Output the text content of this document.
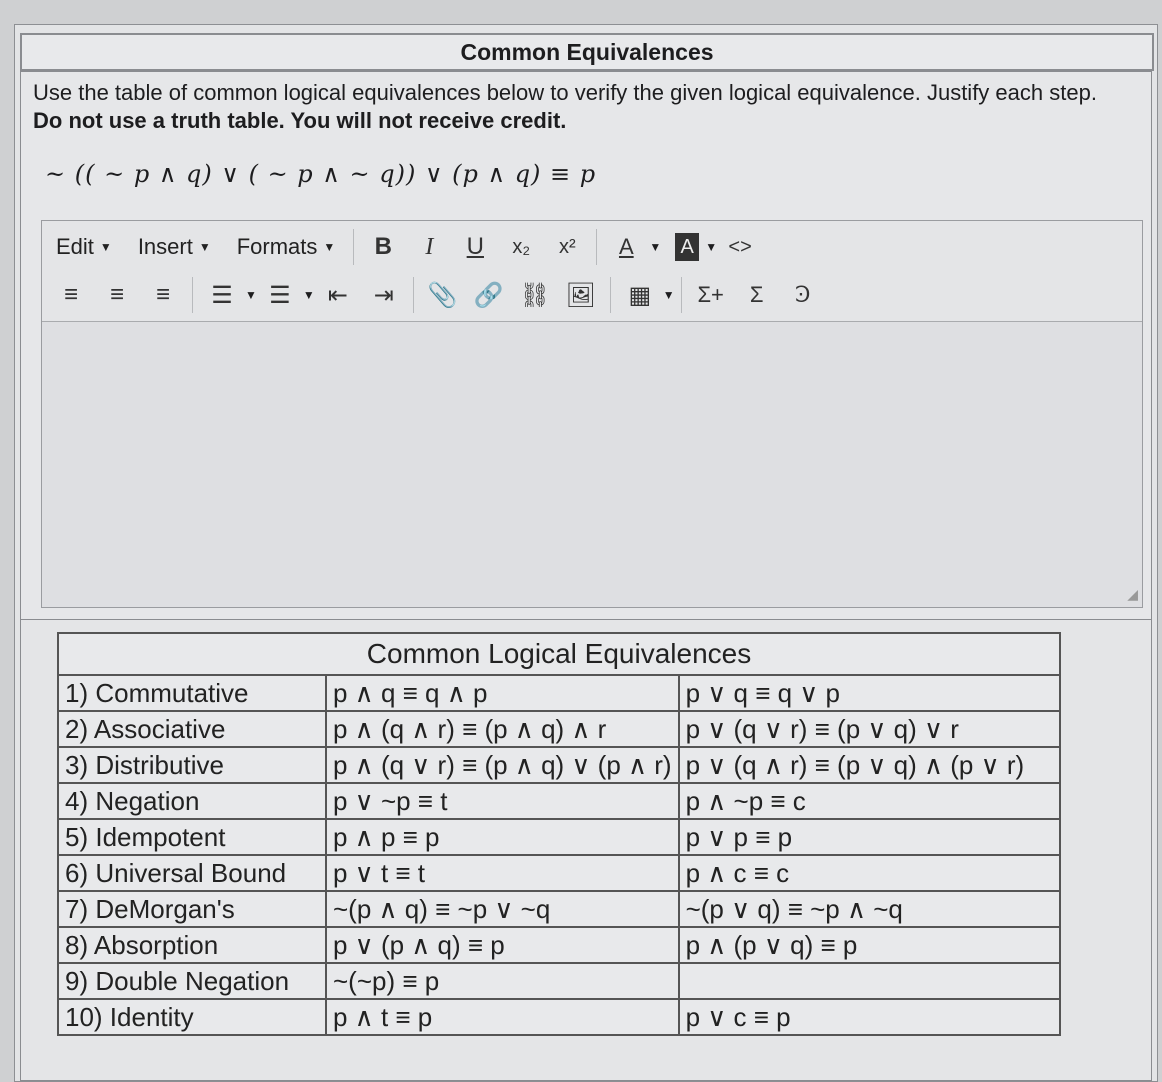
Common Equivalences
Use the table of common logical equivalences below to verify the given logical equivalence. Justify each step.
Do not use a truth table. You will not receive credit.
~ (( ~ p ∧ q) ∨ ( ~ p ∧ ~ q)) ∨ (p ∧ q) ≡ p
Edit ▼ Insert ▼ Formats ▼	B	I	U	x₂	x²	A	▼ A ▼ <>
≡	≡	≡	☰	▼ ☰	▼ ⇤ ⇥ 📎 🔗 ⛓ 🖼 ▦ ▼ Σ+	Σ	Ꜿ
◢
Common Logical Equivalences		
1) Commutative	p ∧ q ≡ q ∧ p	p ∨ q ≡ q ∨ p
2) Associative	p ∧ (q ∧ r) ≡ (p ∧ q) ∧ r	p ∨ (q ∨ r) ≡ (p ∨ q) ∨ r
3) Distributive	p ∧ (q ∨ r) ≡ (p ∧ q) ∨ (p ∧ r)	p ∨ (q ∧ r) ≡ (p ∨ q) ∧ (p ∨ r)
4) Negation	p ∨ ~p ≡ t	p ∧ ~p ≡ c
5) Idempotent	p ∧ p ≡ p	p ∨ p ≡ p
6) Universal Bound	p ∨ t ≡ t	p ∧ c ≡ c
7) DeMorgan's	~(p ∧ q) ≡ ~p ∨ ~q	~(p ∨ q) ≡ ~p ∧ ~q
8) Absorption	p ∨ (p ∧ q) ≡ p	p ∧ (p ∨ q) ≡ p
9) Double Negation	~(~p) ≡ p	
10) Identity	p ∧ t ≡ p	p ∨ c ≡ p
